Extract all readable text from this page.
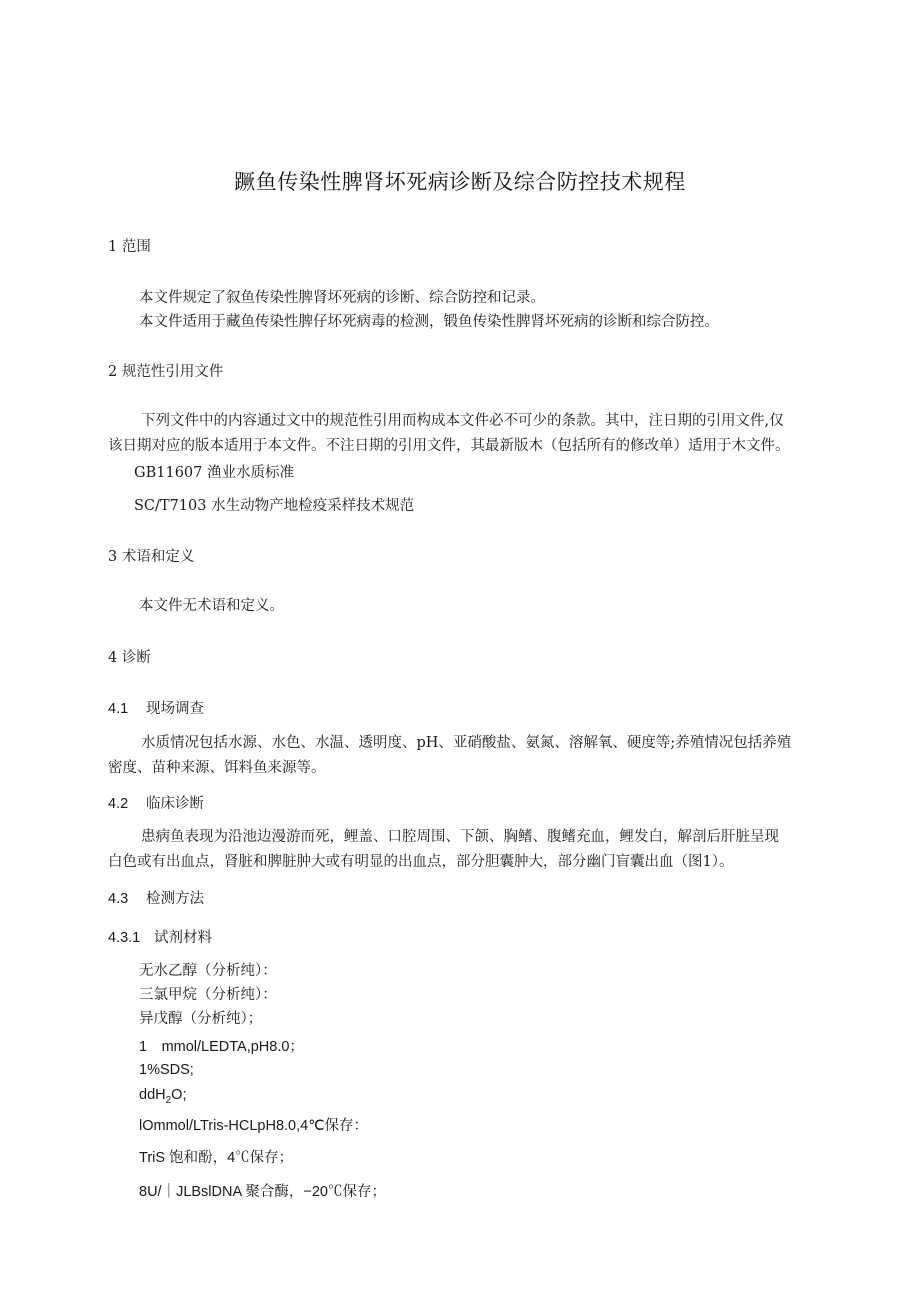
蹶鱼传染性脾肾坏死病诊断及综合防控技术规程
1 范围
本文件规定了叙鱼传染性脾肾坏死病的诊断、综合防控和记录。
本文件适用于藏鱼传染性脾仔坏死病毒的检测，锻鱼传染性脾肾坏死病的诊断和综合防控。
2 规范性引用文件
下列文件中的内容通过文中的规范性引用而构成本文件必不可少的条款。其中，注日期的引用文件,仅
该日期对应的版本适用于本文件。不注日期的引用文件，其最新版木（包括所有的修改单）适用于木文件。
GB11607 渔业水质标准
SC/T7103 水生动物产地检疫采样技术规范
3 术语和定义
本文件无术语和定义。
4 诊断
4.1 现场调查
水质情况包括水源、水色、水温、透明度、pH、亚硝酸盐、氨氮、溶解氧、硬度等;养殖情况包括养殖
密度、苗种来源、饵料鱼来源等。
4.2 临床诊断
患病鱼表现为沿池边漫游而死，鲤盖、口腔周围、下颌、胸鳍、腹鳍充血，鲤发白，解剖后肝脏呈现
白色或有出血点，肾脏和脾脏肿大或有明显的出血点，部分胆囊肿大，部分幽门盲囊出血（图1）。
4.3 检测方法
4.3.1 试剂材料
无水乙醇（分析纯）：
三氯甲烷（分析纯）：
异戊醇（分析纯）；
1　mmol/LEDTA,pH8.0；
1%SDS;
ddH$_2$O;
lOmmol/LTris-HCLpH8.0,4℃保存：
TriS 饱和酚，4℃保存；
8U/｜JLBslDNA 聚合酶，−20℃保存；
